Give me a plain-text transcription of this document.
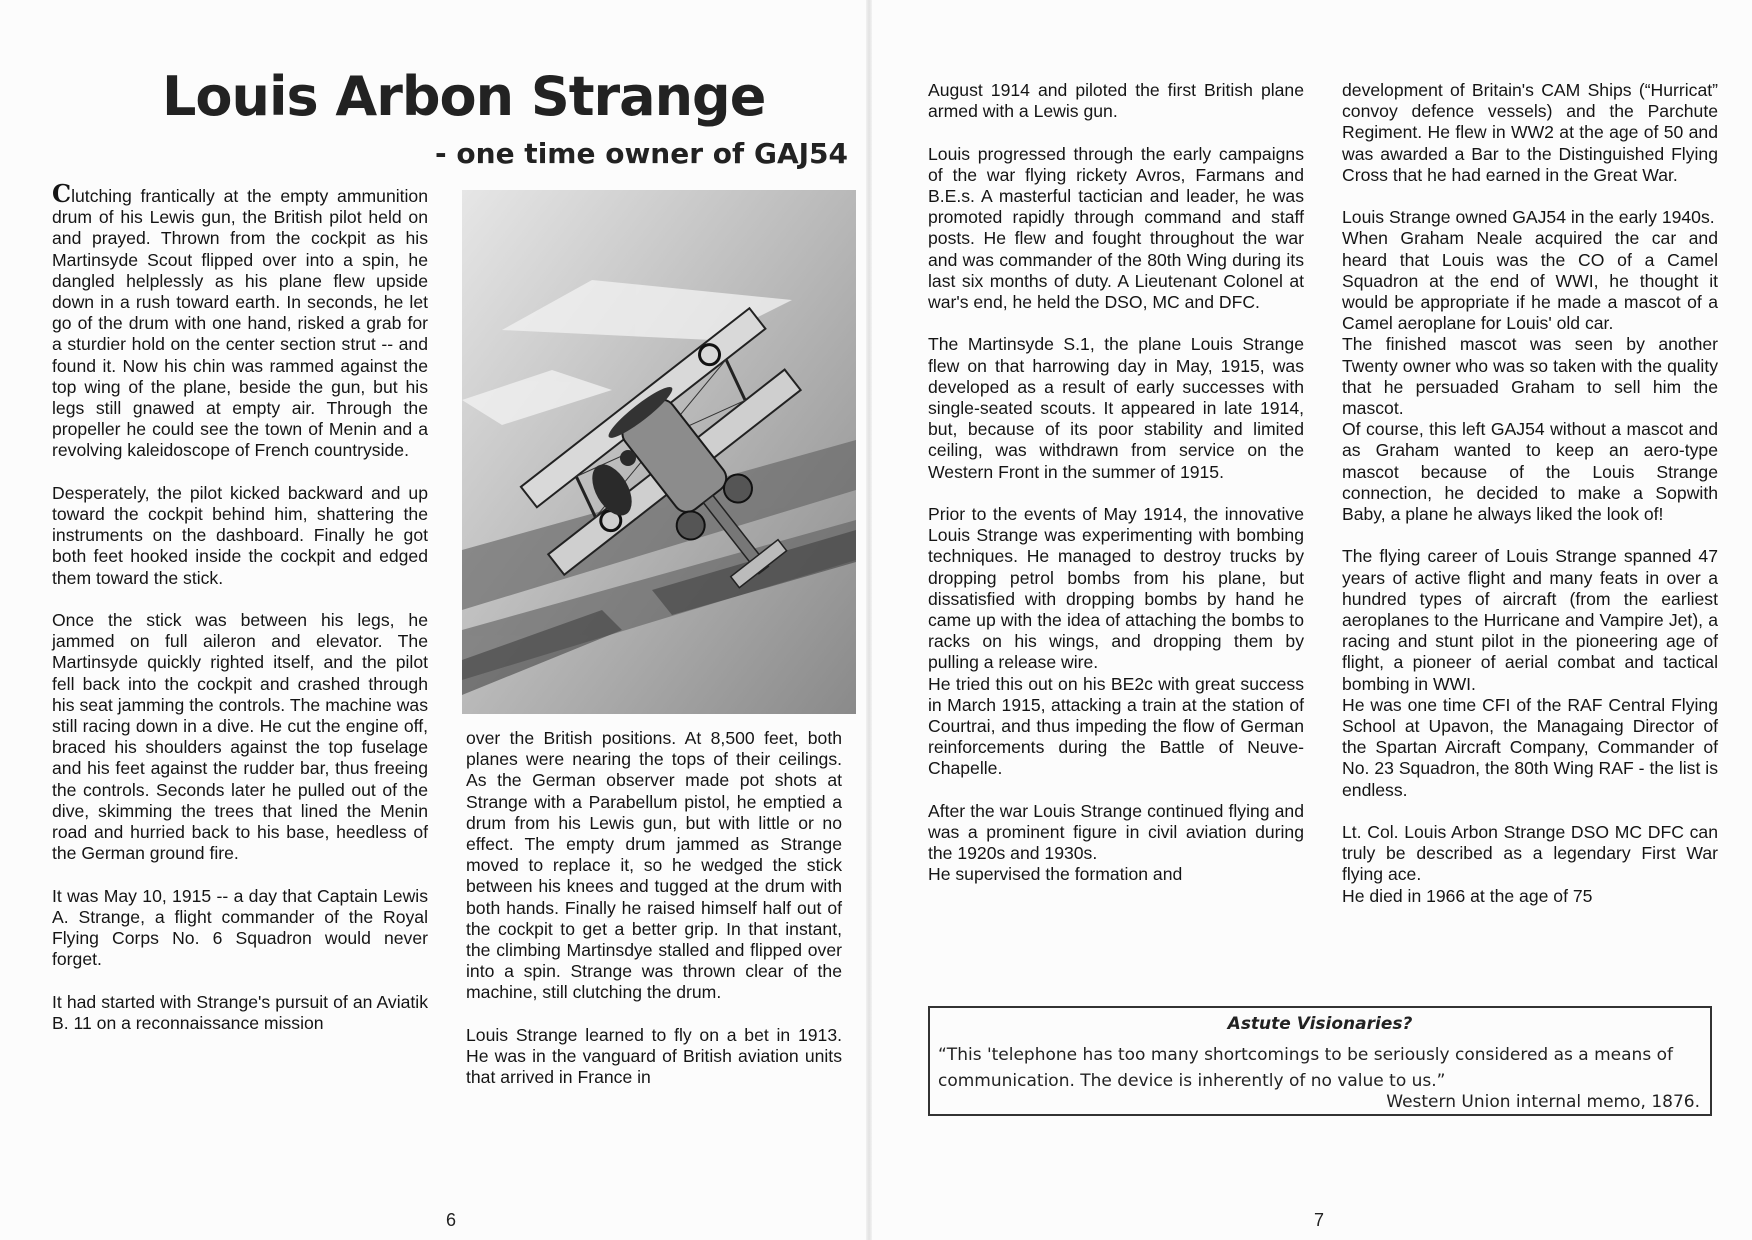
Louis Arbon Strange
- one time owner of GAJ54

Clutching frantically at the empty ammunition drum of his Lewis gun, the British pilot held on and prayed. Thrown from the cockpit as his Martinsyde Scout flipped over into a spin, he dangled helplessly as his plane flew upside down in a rush toward earth. In seconds, he let go of the drum with one hand, risked a grab for a sturdier hold on the center section strut -- and found it. Now his chin was rammed against the top wing of the plane, beside the gun, but his legs still gnawed at empty air. Through the propeller he could see the town of Menin and a revolving kaleidoscope of French countryside.

Desperately, the pilot kicked backward and up toward the cockpit behind him, shattering the instruments on the dashboard. Finally he got both feet hooked inside the cockpit and edged them toward the stick.

Once the stick was between his legs, he jammed on full aileron and elevator. The Martinsyde quickly righted itself, and the pilot fell back into the cockpit and crashed through his seat jamming the controls. The machine was still racing down in a dive. He cut the engine off, braced his shoulders against the top fuselage and his feet against the rudder bar, thus freeing the controls. Seconds later he pulled out of the dive, skimming the trees that lined the Menin road and hurried back to his base, heedless of the German ground fire.

It was May 10, 1915 -- a day that Captain Lewis A. Strange, a flight commander of the Royal Flying Corps No. 6 Squadron would never forget.

It had started with Strange's pursuit of an Aviatik B. 11 on a reconnaissance mission

over the British positions. At 8,500 feet, both planes were nearing the tops of their ceilings. As the German observer made pot shots at Strange with a Parabellum pistol, he emptied a drum from his Lewis gun, but with little or no effect. The empty drum jammed as Strange moved to replace it, so he wedged the stick between his knees and tugged at the drum with both hands. Finally he raised himself half out of the cockpit to get a better grip. In that instant, the climbing Martinsdye stalled and flipped over into a spin. Strange was thrown clear of the machine, still clutching the drum.

Louis Strange learned to fly on a bet in 1913. He was in the vanguard of British aviation units that arrived in France in

6

August 1914 and piloted the first British plane armed with a Lewis gun.

Louis progressed through the early campaigns of the war flying rickety Avros, Farmans and B.E.s. A masterful tactician and leader, he was promoted rapidly through command and staff posts. He flew and fought throughout the war and was commander of the 80th Wing during its last six months of duty. A Lieutenant Colonel at war's end, he held the DSO, MC and DFC.

The Martinsyde S.1, the plane Louis Strange flew on that harrowing day in May, 1915, was developed as a result of early successes with single-seated scouts. It appeared in late 1914, but, because of its poor stability and limited ceiling, was withdrawn from service on the Western Front in the summer of 1915.

Prior to the events of May 1914, the innovative Louis Strange was experimenting with bombing techniques. He managed to destroy trucks by dropping petrol bombs from his plane, but dissatisfied with dropping bombs by hand he came up with the idea of attaching the bombs to racks on his wings, and dropping them by pulling a release wire.

He tried this out on his BE2c with great success in March 1915, attacking a train at the station of Courtrai, and thus impeding the flow of German reinforcements during the Battle of Neuve-Chapelle.

After the war Louis Strange continued flying and was a prominent figure in civil aviation during the 1920s and 1930s.

He supervised the formation and

development of Britain's CAM Ships (“Hurricat” convoy defence vessels) and the Parchute Regiment. He flew in WW2 at the age of 50 and was awarded a Bar to the Distinguished Flying Cross that he had earned in the Great War.

Louis Strange owned GAJ54 in the early 1940s.

When Graham Neale acquired the car and heard that Louis was the CO of a Camel Squadron at the end of WWI, he thought it would be appropriate if he made a mascot of a Camel aeroplane for Louis' old car.

The finished mascot was seen by another Twenty owner who was so taken with the quality that he persuaded Graham to sell him the mascot.

Of course, this left GAJ54 without a mascot and as Graham wanted to keep an aero-type mascot because of the Louis Strange connection, he decided to make a Sopwith Baby, a plane he always liked the look of!

The flying career of Louis Strange spanned 47 years of active flight and many feats in over a hundred types of aircraft (from the earliest aeroplanes to the Hurricane and Vampire Jet), a racing and stunt pilot in the pioneering age of flight, a pioneer of aerial combat and tactical bombing in WWI.

He was one time CFI of the RAF Central Flying School at Upavon, the Managaing Director of the Spartan Aircraft Company, Commander of No. 23 Squadron, the 80th Wing RAF - the list is endless.

Lt. Col. Louis Arbon Strange DSO MC DFC can truly be described as a legendary First War flying ace.

He died in 1966 at the age of 75

Astute Visionaries?

“This 'telephone has too many shortcomings to be seriously considered as a means of communication. The device is inherently of no value to us.”

Western Union internal memo, 1876.

7
